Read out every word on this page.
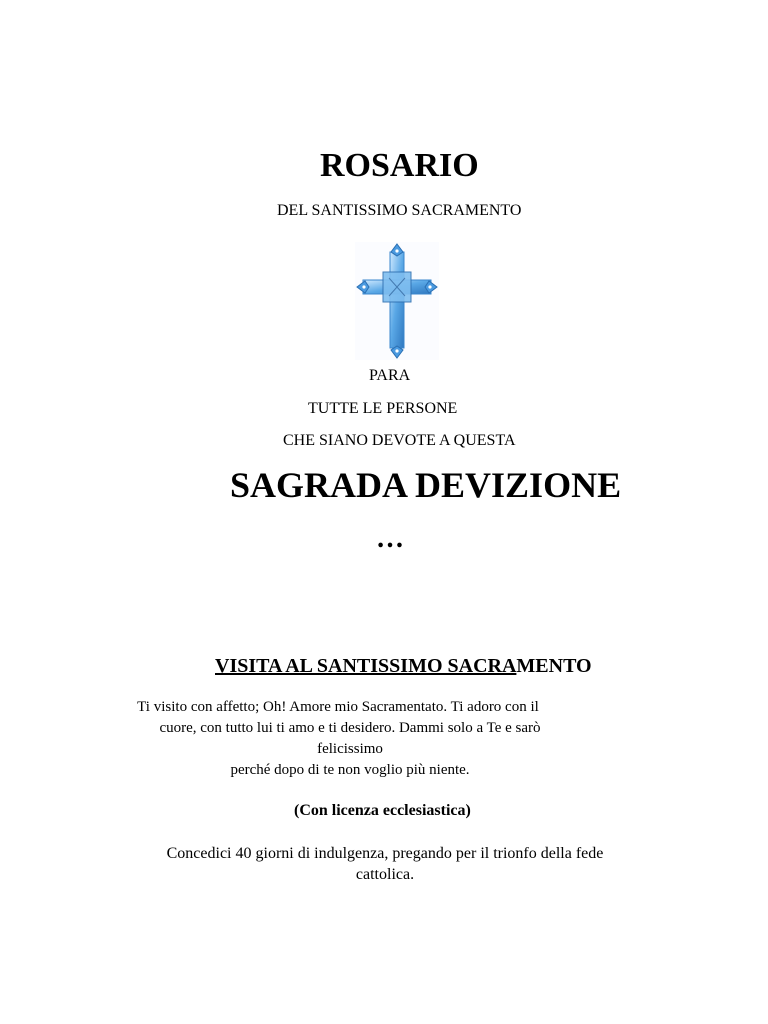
ROSARIO
DEL SANTISSIMO SACRAMENTO
PARA
TUTTE LE PERSONE
CHE SIANO DEVOTE A QUESTA
SAGRADA DEVIZIONE
…
VISITA AL SANTISSIMO SACRAMENTO
Ti visito con affetto; Oh! Amore mio Sacramentato. Ti adoro con il
cuore, con tutto lui ti amo e ti desidero. Dammi solo a Te e sarò
felicissimo
perché dopo di te non voglio più niente.
(Con licenza ecclesiastica)
Concedici 40 giorni di indulgenza, pregando per il trionfo della fede
cattolica.
